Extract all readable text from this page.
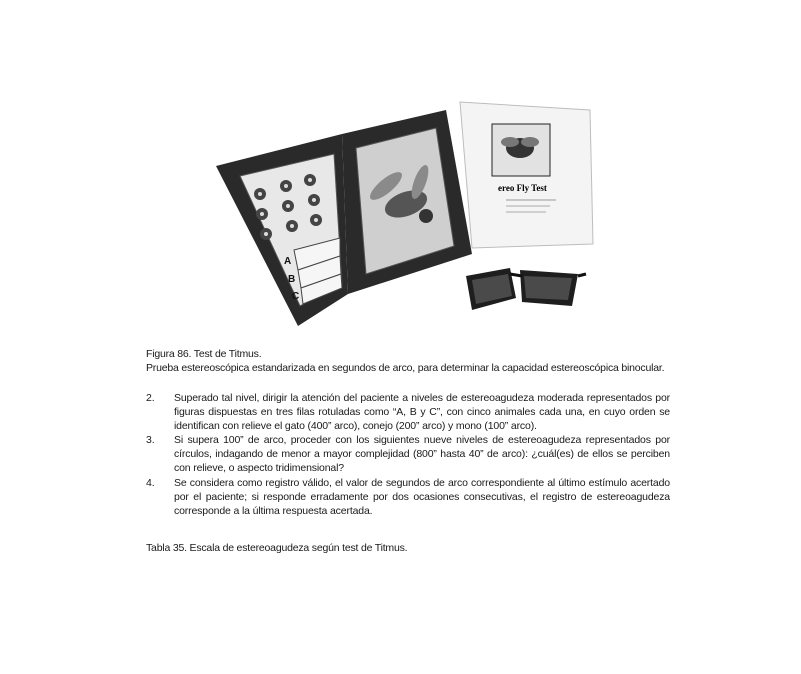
ereo Fly Test
A
B
C
Figura 86. Test de Titmus.
Prueba estereoscópica estandarizada en segundos de arco, para determinar la capacidad estereoscópica binocular.
2. Superado tal nivel, dirigir la atención del paciente a niveles de estereoagudeza moderada representados por figuras dispuestas en tres filas rotuladas como “A, B y C”, con cinco animales cada una, en cuyo orden se identifican con relieve el gato (400” arco), conejo (200” arco) y mono (100” arco).
3. Si supera 100” de arco, proceder con los siguientes nueve niveles de estereoagudeza representados por círculos, indagando de menor a mayor complejidad (800” hasta 40” de arco): ¿cuál(es) de ellos se perciben con relieve, o aspecto tridimensional?
4. Se considera como registro válido, el valor de segundos de arco correspondiente al último estímulo acertado por el paciente; si responde erradamente por dos ocasiones consecutivas, el registro de estereoagudeza corresponde a la última respuesta acertada.
Tabla 35. Escala de estereoagudeza según test de Titmus.
